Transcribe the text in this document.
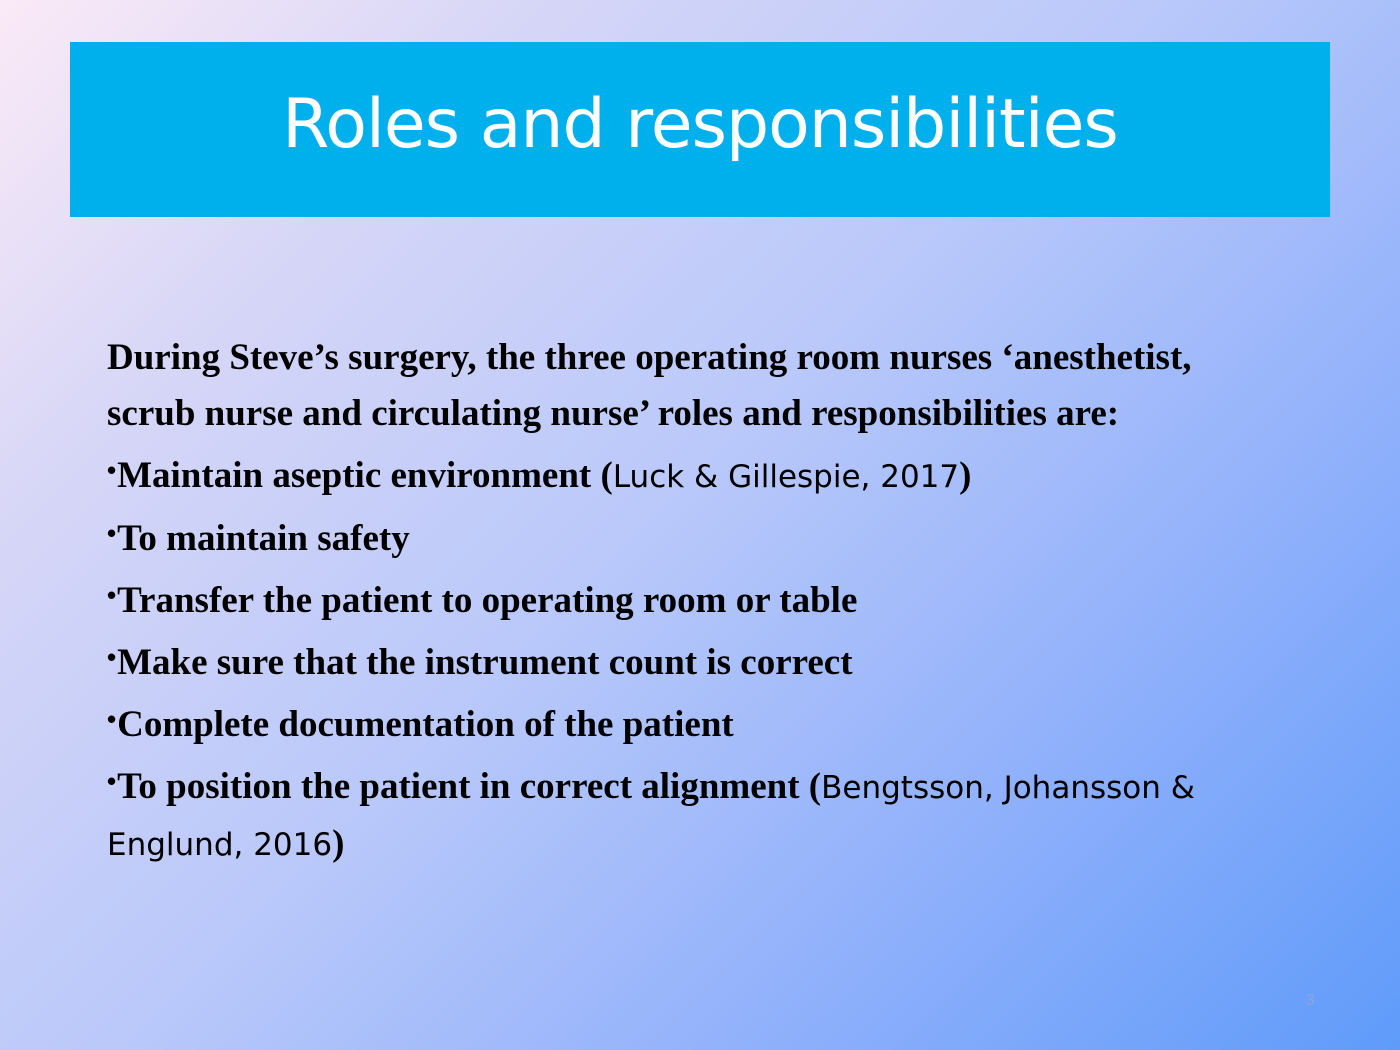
Roles and responsibilities

During Steve’s surgery, the three operating room nurses ‘anesthetist, scrub nurse and circulating nurse’ roles and responsibilities are:

•Maintain aseptic environment (Luck & Gillespie, 2017)
•To maintain safety
•Transfer the patient to operating room or table
•Make sure that the instrument count is correct
•Complete documentation of the patient
•To position the patient in correct alignment (Bengtsson, Johansson & Englund, 2016)
3
